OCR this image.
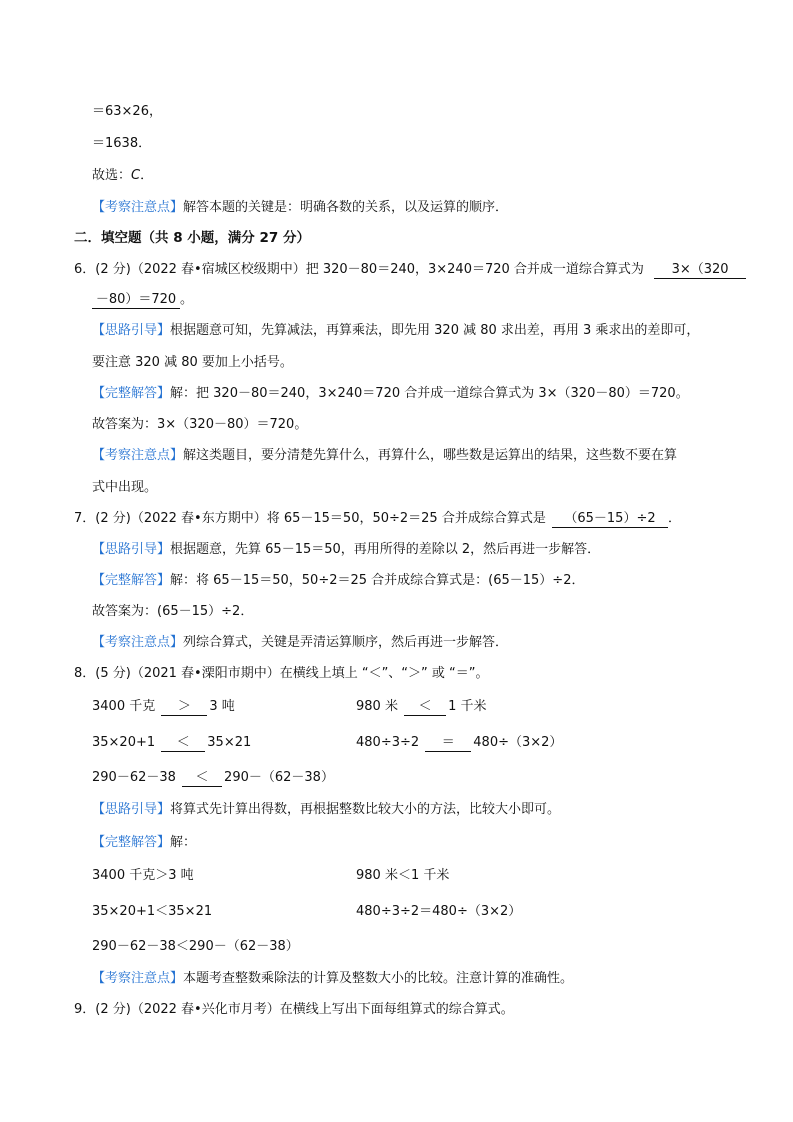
＝63×26，
＝1638．
故选：C．
【考察注意点】解答本题的关键是：明确各数的关系，以及运算的顺序．
二．填空题（共 8 小题，满分 27 分）
6．(2 分)（2022 春•宿城区校级期中）把 320－80＝240，3×240＝720 合并成一道综合算式为 3×（320
－80）＝720 。
【思路引导】根据题意可知，先算减法，再算乘法，即先用 320 减 80 求出差，再用 3 乘求出的差即可，
要注意 320 减 80 要加上小括号。
【完整解答】解：把 320－80＝240，3×240＝720 合并成一道综合算式为 3×（320－80）＝720。
故答案为：3×（320－80）＝720。
【考察注意点】解这类题目，要分清楚先算什么，再算什么，哪些数是运算出的结果，这些数不要在算
式中出现。
7．(2 分)（2022 春•东方期中）将 65－15＝50，50÷2＝25 合并成综合算式是 （65－15）÷2 ．
【思路引导】根据题意，先算 65－15＝50，再用所得的差除以 2，然后再进一步解答．
【完整解答】解：将 65－15＝50，50÷2＝25 合并成综合算式是：(65－15）÷2．
故答案为：(65－15）÷2．
【考察注意点】列综合算式，关键是弄清运算顺序，然后再进一步解答．
8．(5 分)（2021 春•溧阳市期中）在横线上填上 “＜”、“＞” 或 “＝”。
3400 千克 ＞ 3 吨	980 米 ＜ 1 千米
35×20+1 ＜ 35×21	480÷3÷2 ＝ 480÷（3×2）
290－62－38 ＜ 290－（62－38）
【思路引导】将算式先计算出得数，再根据整数比较大小的方法，比较大小即可。
【完整解答】解：
3400 千克＞3 吨	980 米＜1 千米
35×20+1＜35×21	480÷3÷2＝480÷（3×2）
290－62－38＜290－（62－38）
【考察注意点】本题考查整数乘除法的计算及整数大小的比较。注意计算的准确性。
9．(2 分)（2022 春•兴化市月考）在横线上写出下面每组算式的综合算式。
